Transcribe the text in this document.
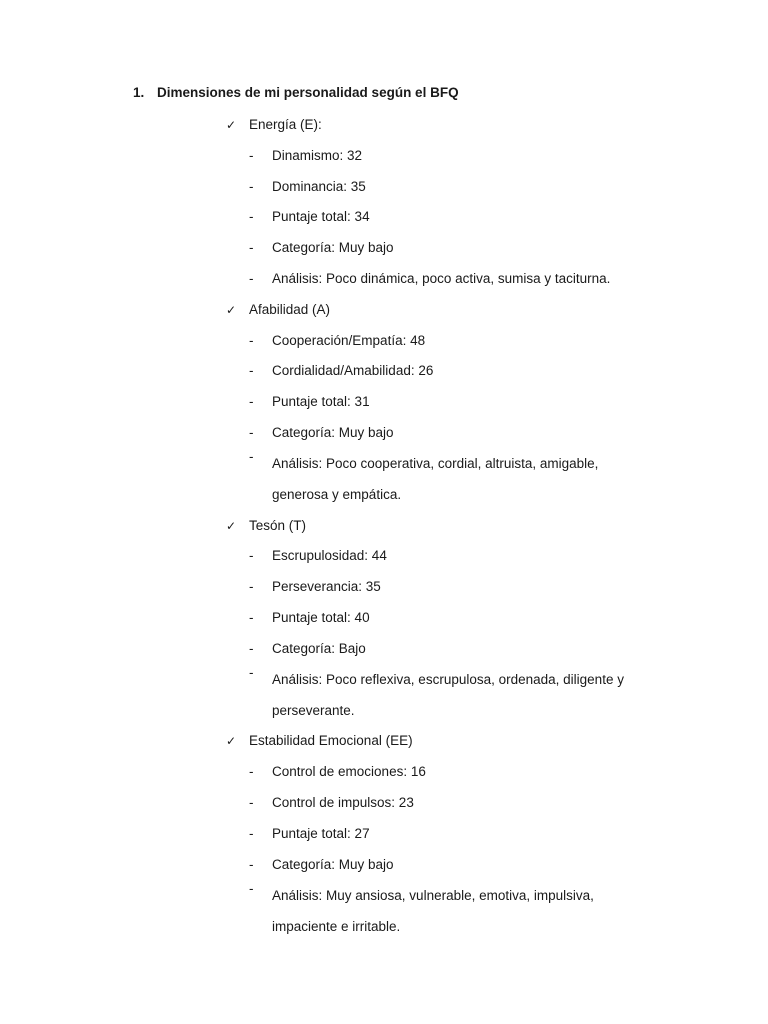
1. Dimensiones de mi personalidad según el BFQ
✓ Energía (E):
- Dinamismo: 32
- Dominancia: 35
- Puntaje total: 34
- Categoría: Muy bajo
- Análisis: Poco dinámica, poco activa, sumisa y taciturna.
✓ Afabilidad (A)
- Cooperación/Empatía: 48
- Cordialidad/Amabilidad: 26
- Puntaje total: 31
- Categoría: Muy bajo
- Análisis: Poco cooperativa, cordial, altruista, amigable, generosa y empática.
✓ Tesón (T)
- Escrupulosidad: 44
- Perseverancia: 35
- Puntaje total: 40
- Categoría: Bajo
- Análisis: Poco reflexiva, escrupulosa, ordenada, diligente y perseverante.
✓ Estabilidad Emocional (EE)
- Control de emociones: 16
- Control de impulsos: 23
- Puntaje total: 27
- Categoría: Muy bajo
- Análisis: Muy ansiosa, vulnerable, emotiva, impulsiva, impaciente e irritable.
